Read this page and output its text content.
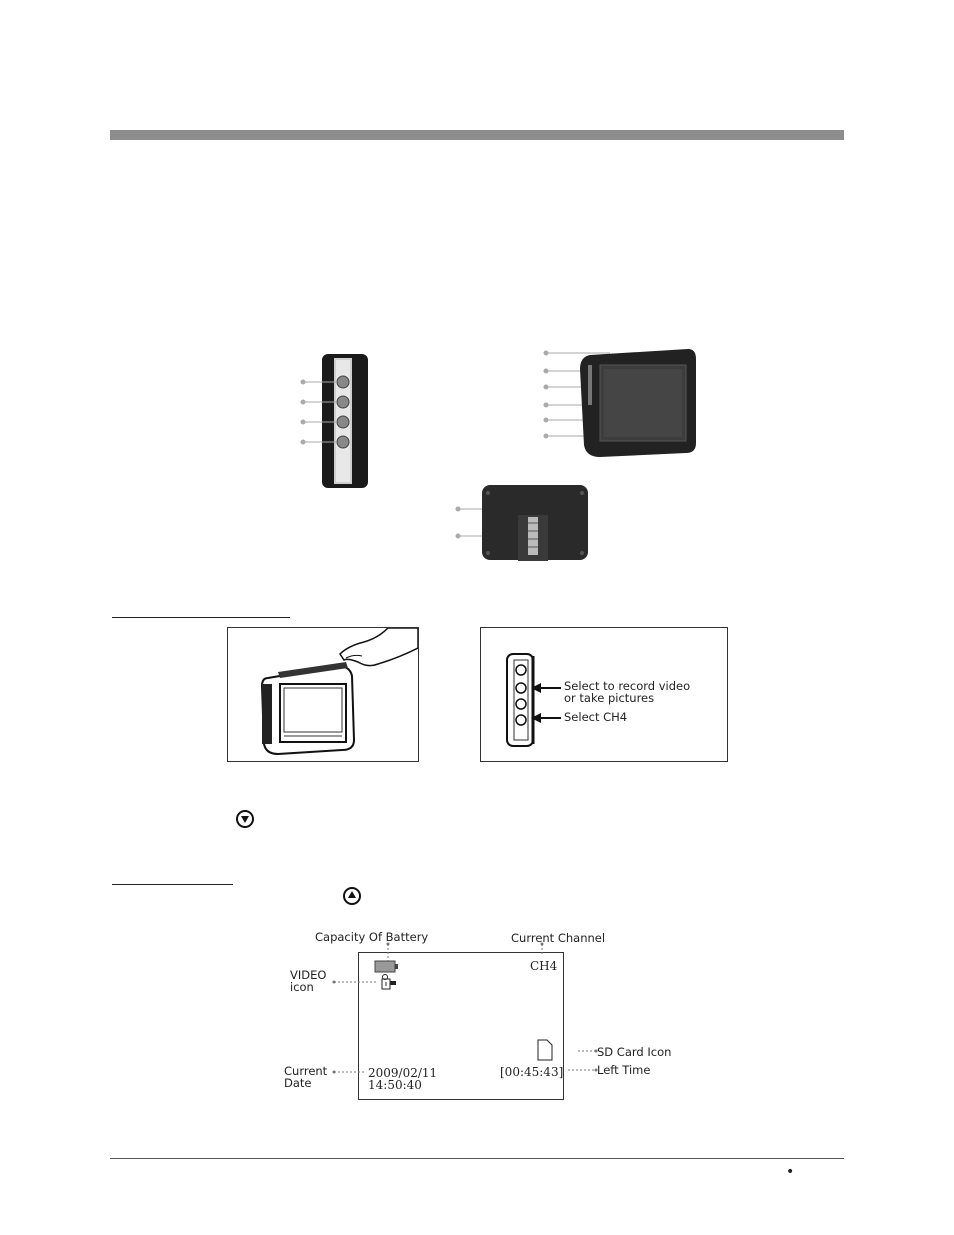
Select to record video
or take pictures
Select CH4
CH4
2009/02/11
14:50:40
[00:45:43]
Capacity Of Battery	Current Channel
VIDEO
icon
SD Card Icon
Left Time
Current
Date
•
